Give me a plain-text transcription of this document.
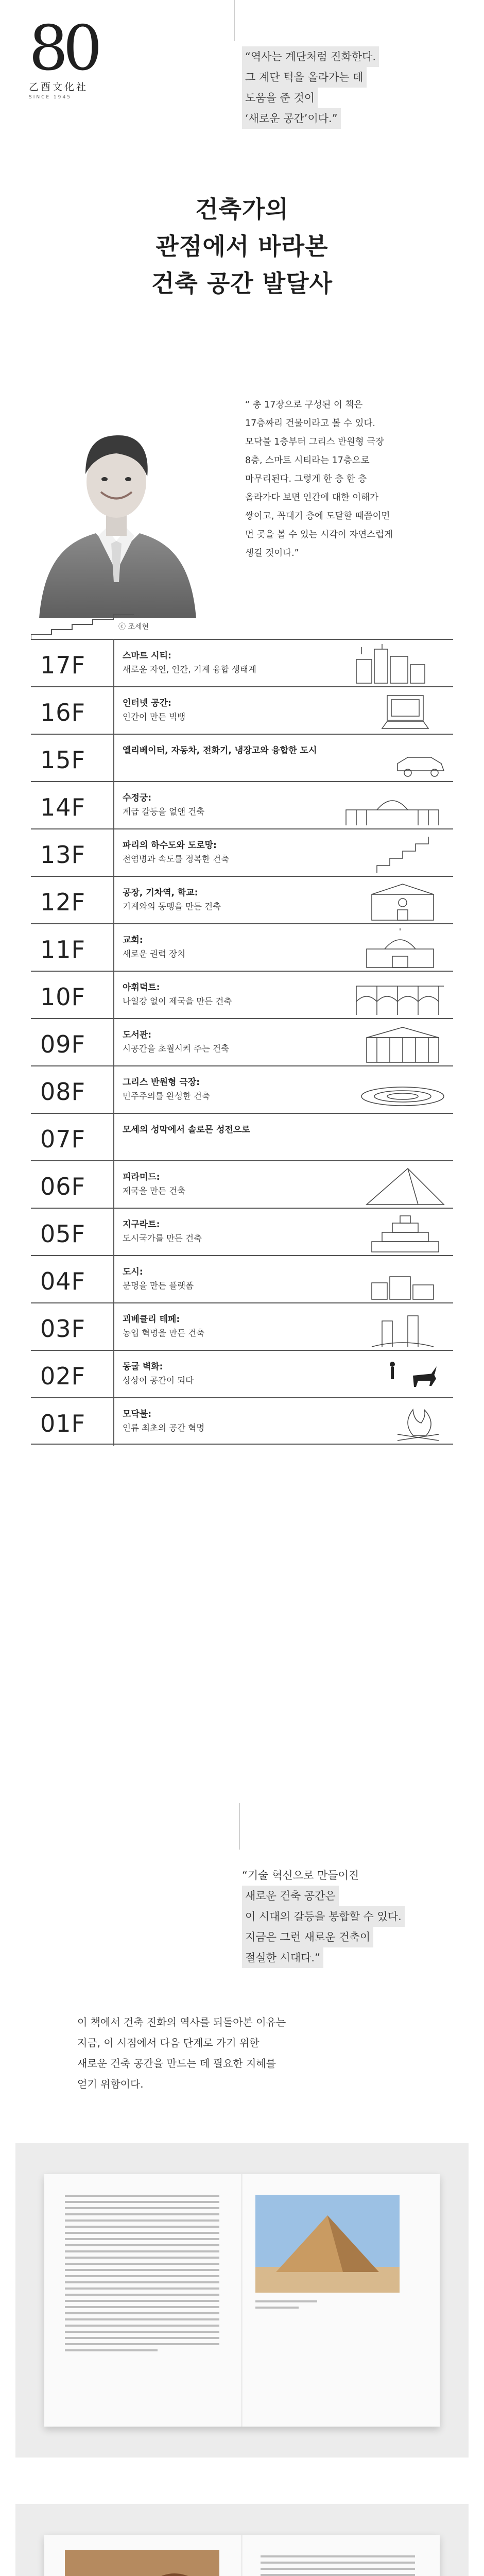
80
乙酉文化社
SINCE 1945
“역사는 계단처럼 진화한다.
그 계단 턱을 올라가는 데
도움을 준 것이
‘새로운 공간’이다.”
건축가의
관점에서 바라본
건축 공간 발달사
ⓒ 조세현

“ 총 17장으로 구성된 이 책은

17층짜리 건물이라고 볼 수 있다.

모닥불 1층부터 그리스 반원형 극장

8층, 스마트 시티라는 17층으로

마무리된다. 그렇게 한 층 한 층

올라가다 보면 인간에 대한 이해가

쌓이고, 꼭대기 층에 도달할 때쯤이면

먼 곳을 볼 수 있는 시각이 자연스럽게

생길 것이다.”

17F	스마트 시티:
새로운 자연, 인간, 기계 융합 생태계
16F	인터넷 공간:
인간이 만든 빅뱅
15F	엘리베이터, 자동차, 전화기, 냉장고와 융합한 도시
14F	수정궁:
계급 갈등을 없앤 건축
13F	파리의 하수도와 도로망:
전염병과 속도를 정복한 건축
12F	공장, 기차역, 학교:
기계와의 동맹을 만든 건축
11F	교회:
새로운 권력 장치
10F	아휘덕트:
나일강 없이 제국을 만든 건축
09F	도서관:
시공간을 초월시켜 주는 건축
08F	그리스 반원형 극장:
민주주의를 완성한 건축
07F	모세의 성막에서 솔로몬 성전으로
06F	피라미드:
제국을 만든 건축
05F	지구라트:
도시국가를 만든 건축
04F	도시:
문명을 만든 플랫폼
03F	괴베클리 테페:
농업 혁명을 만든 건축
02F	동굴 벽화:
상상이 공간이 되다
01F	모닥불:
인류 최초의 공간 혁명
“기술 혁신으로 만들어진
새로운 건축 공간은
이 시대의 갈등을 봉합할 수 있다.
지금은 그런 새로운 건축이
절실한 시대다.”

이 책에서 건축 진화의 역사를 되돌아본 이유는

지금, 이 시점에서 다음 단계로 가기 위한

새로운 건축 공간을 만드는 데 필요한 지혜를

얻기 위함이다.
